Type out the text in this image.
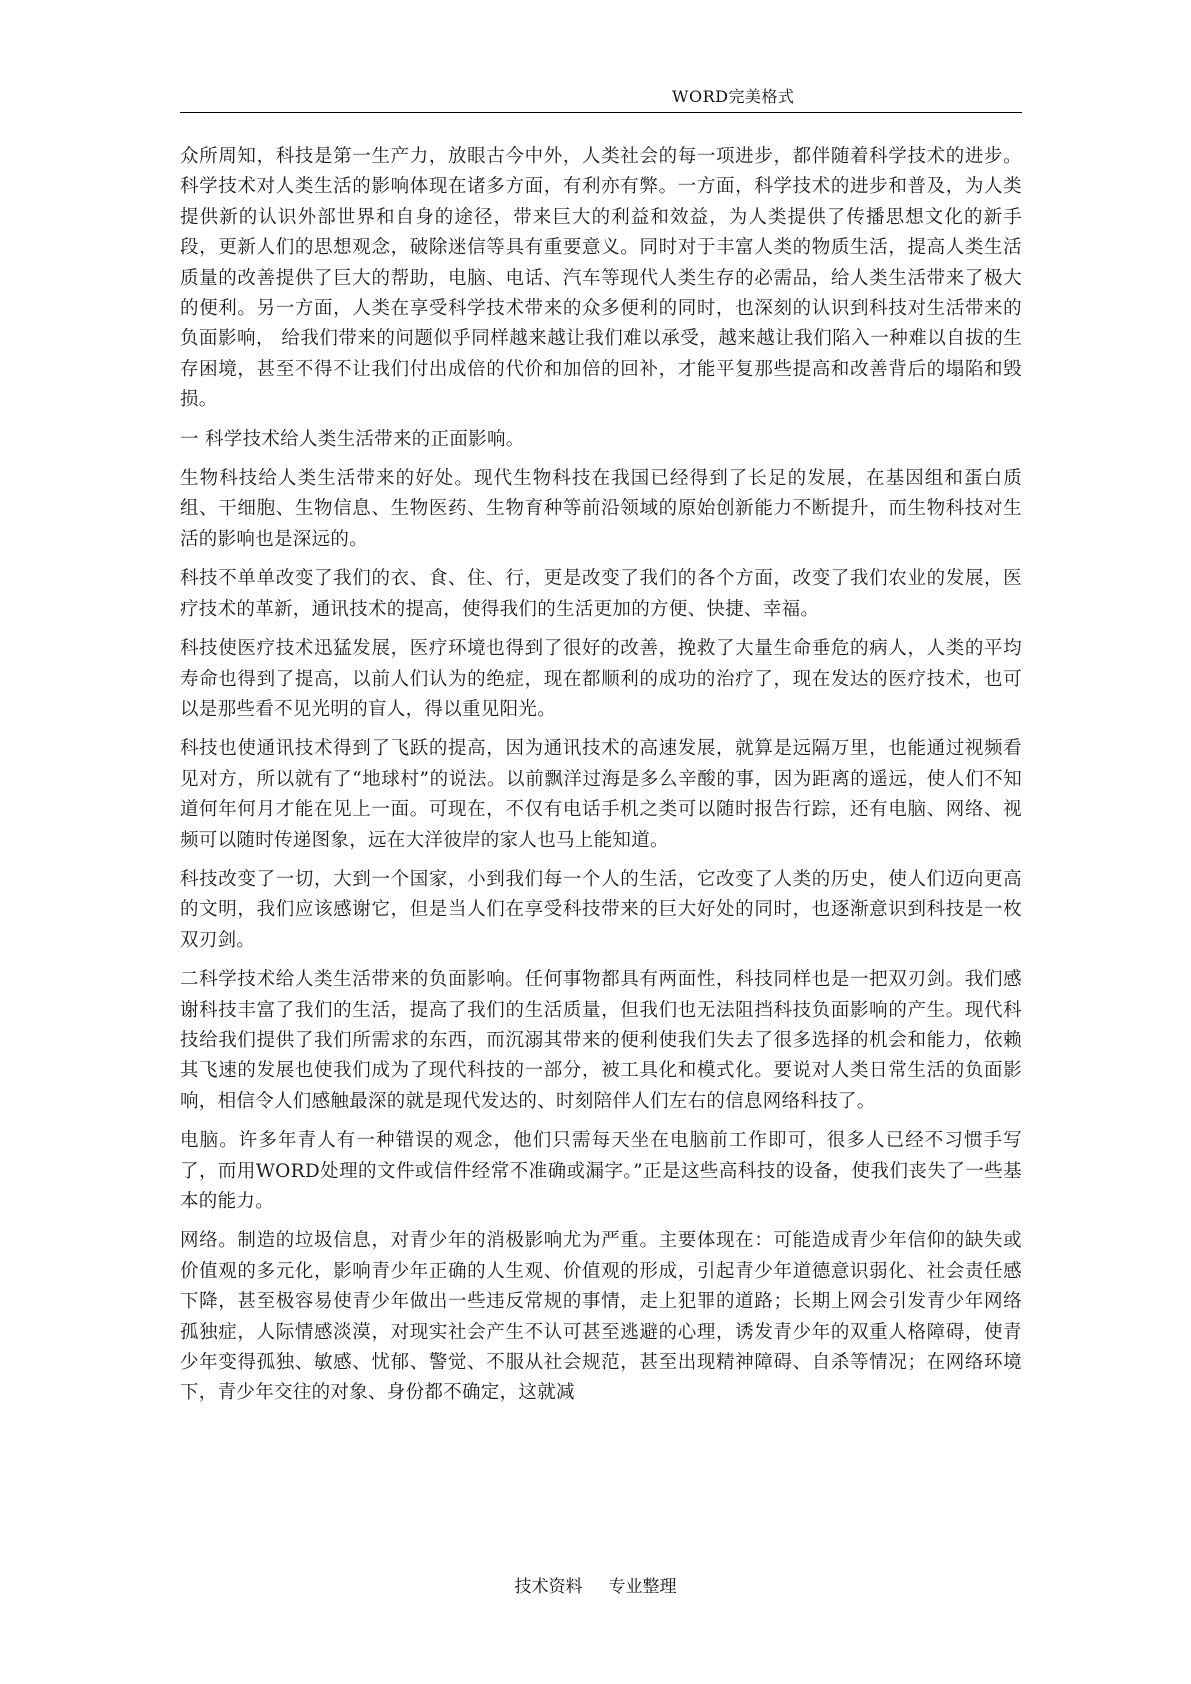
WORD完美格式

众所周知，科技是第一生产力，放眼古今中外，人类社会的每一项进步，都伴随着科学技术的进步。科学技术对人类生活的影响体现在诸多方面，有利亦有弊。一方面，科学技术的进步和普及，为人类提供新的认识外部世界和自身的途径，带来巨大的利益和效益，为人类提供了传播思想文化的新手段，更新人们的思想观念，破除迷信等具有重要意义。同时对于丰富人类的物质生活，提高人类生活质量的改善提供了巨大的帮助，电脑、电话、汽车等现代人类生存的必需品，给人类生活带来了极大的便利。另一方面，人类在享受科学技术带来的众多便利的同时，也深刻的认识到科技对生活带来的负面影响， 给我们带来的问题似乎同样越来越让我们难以承受，越来越让我们陷入一种难以自拔的生存困境，甚至不得不让我们付出成倍的代价和加倍的回补，才能平复那些提高和改善背后的塌陷和毁损。

一 科学技术给人类生活带来的正面影响。

生物科技给人类生活带来的好处。现代生物科技在我国已经得到了长足的发展，在基因组和蛋白质组、干细胞、生物信息、生物医药、生物育种等前沿领域的原始创新能力不断提升，而生物科技对生活的影响也是深远的。

科技不单单改变了我们的衣、食、住、行，更是改变了我们的各个方面，改变了我们农业的发展，医疗技术的革新，通讯技术的提高，使得我们的生活更加的方便、快捷、幸福。

科技使医疗技术迅猛发展，医疗环境也得到了很好的改善，挽救了大量生命垂危的病人，人类的平均寿命也得到了提高，以前人们认为的绝症，现在都顺利的成功的治疗了，现在发达的医疗技术，也可以是那些看不见光明的盲人，得以重见阳光。

科技也使通讯技术得到了飞跃的提高，因为通讯技术的高速发展，就算是远隔万里，也能通过视频看见对方，所以就有了“地球村”的说法。以前飘洋过海是多么辛酸的事，因为距离的遥远，使人们不知道何年何月才能在见上一面。可现在，不仅有电话手机之类可以随时报告行踪，还有电脑、网络、视频可以随时传递图象，远在大洋彼岸的家人也马上能知道。

科技改变了一切，大到一个国家，小到我们每一个人的生活，它改变了人类的历史，使人们迈向更高的文明，我们应该感谢它，但是当人们在享受科技带来的巨大好处的同时，也逐渐意识到科技是一枚双刃剑。

二科学技术给人类生活带来的负面影响。任何事物都具有两面性，科技同样也是一把双刃剑。我们感谢科技丰富了我们的生活，提高了我们的生活质量，但我们也无法阻挡科技负面影响的产生。现代科技给我们提供了我们所需求的东西，而沉溺其带来的便利使我们失去了很多选择的机会和能力，依赖其飞速的发展也使我们成为了现代科技的一部分，被工具化和模式化。要说对人类日常生活的负面影响，相信令人们感触最深的就是现代发达的、时刻陪伴人们左右的信息网络科技了。

电脑。许多年青人有一种错误的观念，他们只需每天坐在电脑前工作即可，很多人已经不习惯手写了，而用WORD处理的文件或信件经常不准确或漏字。”正是这些高科技的设备，使我们丧失了一些基本的能力。

网络。制造的垃圾信息，对青少年的消极影响尤为严重。主要体现在：可能造成青少年信仰的缺失或价值观的多元化，影响青少年正确的人生观、价值观的形成，引起青少年道德意识弱化、社会责任感下降，甚至极容易使青少年做出一些违反常规的事情，走上犯罪的道路；长期上网会引发青少年网络孤独症，人际情感淡漠，对现实社会产生不认可甚至逃避的心理，诱发青少年的双重人格障碍，使青少年变得孤独、敏感、忧郁、警觉、不服从社会规范，甚至出现精神障碍、自杀等情况；在网络环境下，青少年交往的对象、身份都不确定，这就减

技术资料 专业整理
